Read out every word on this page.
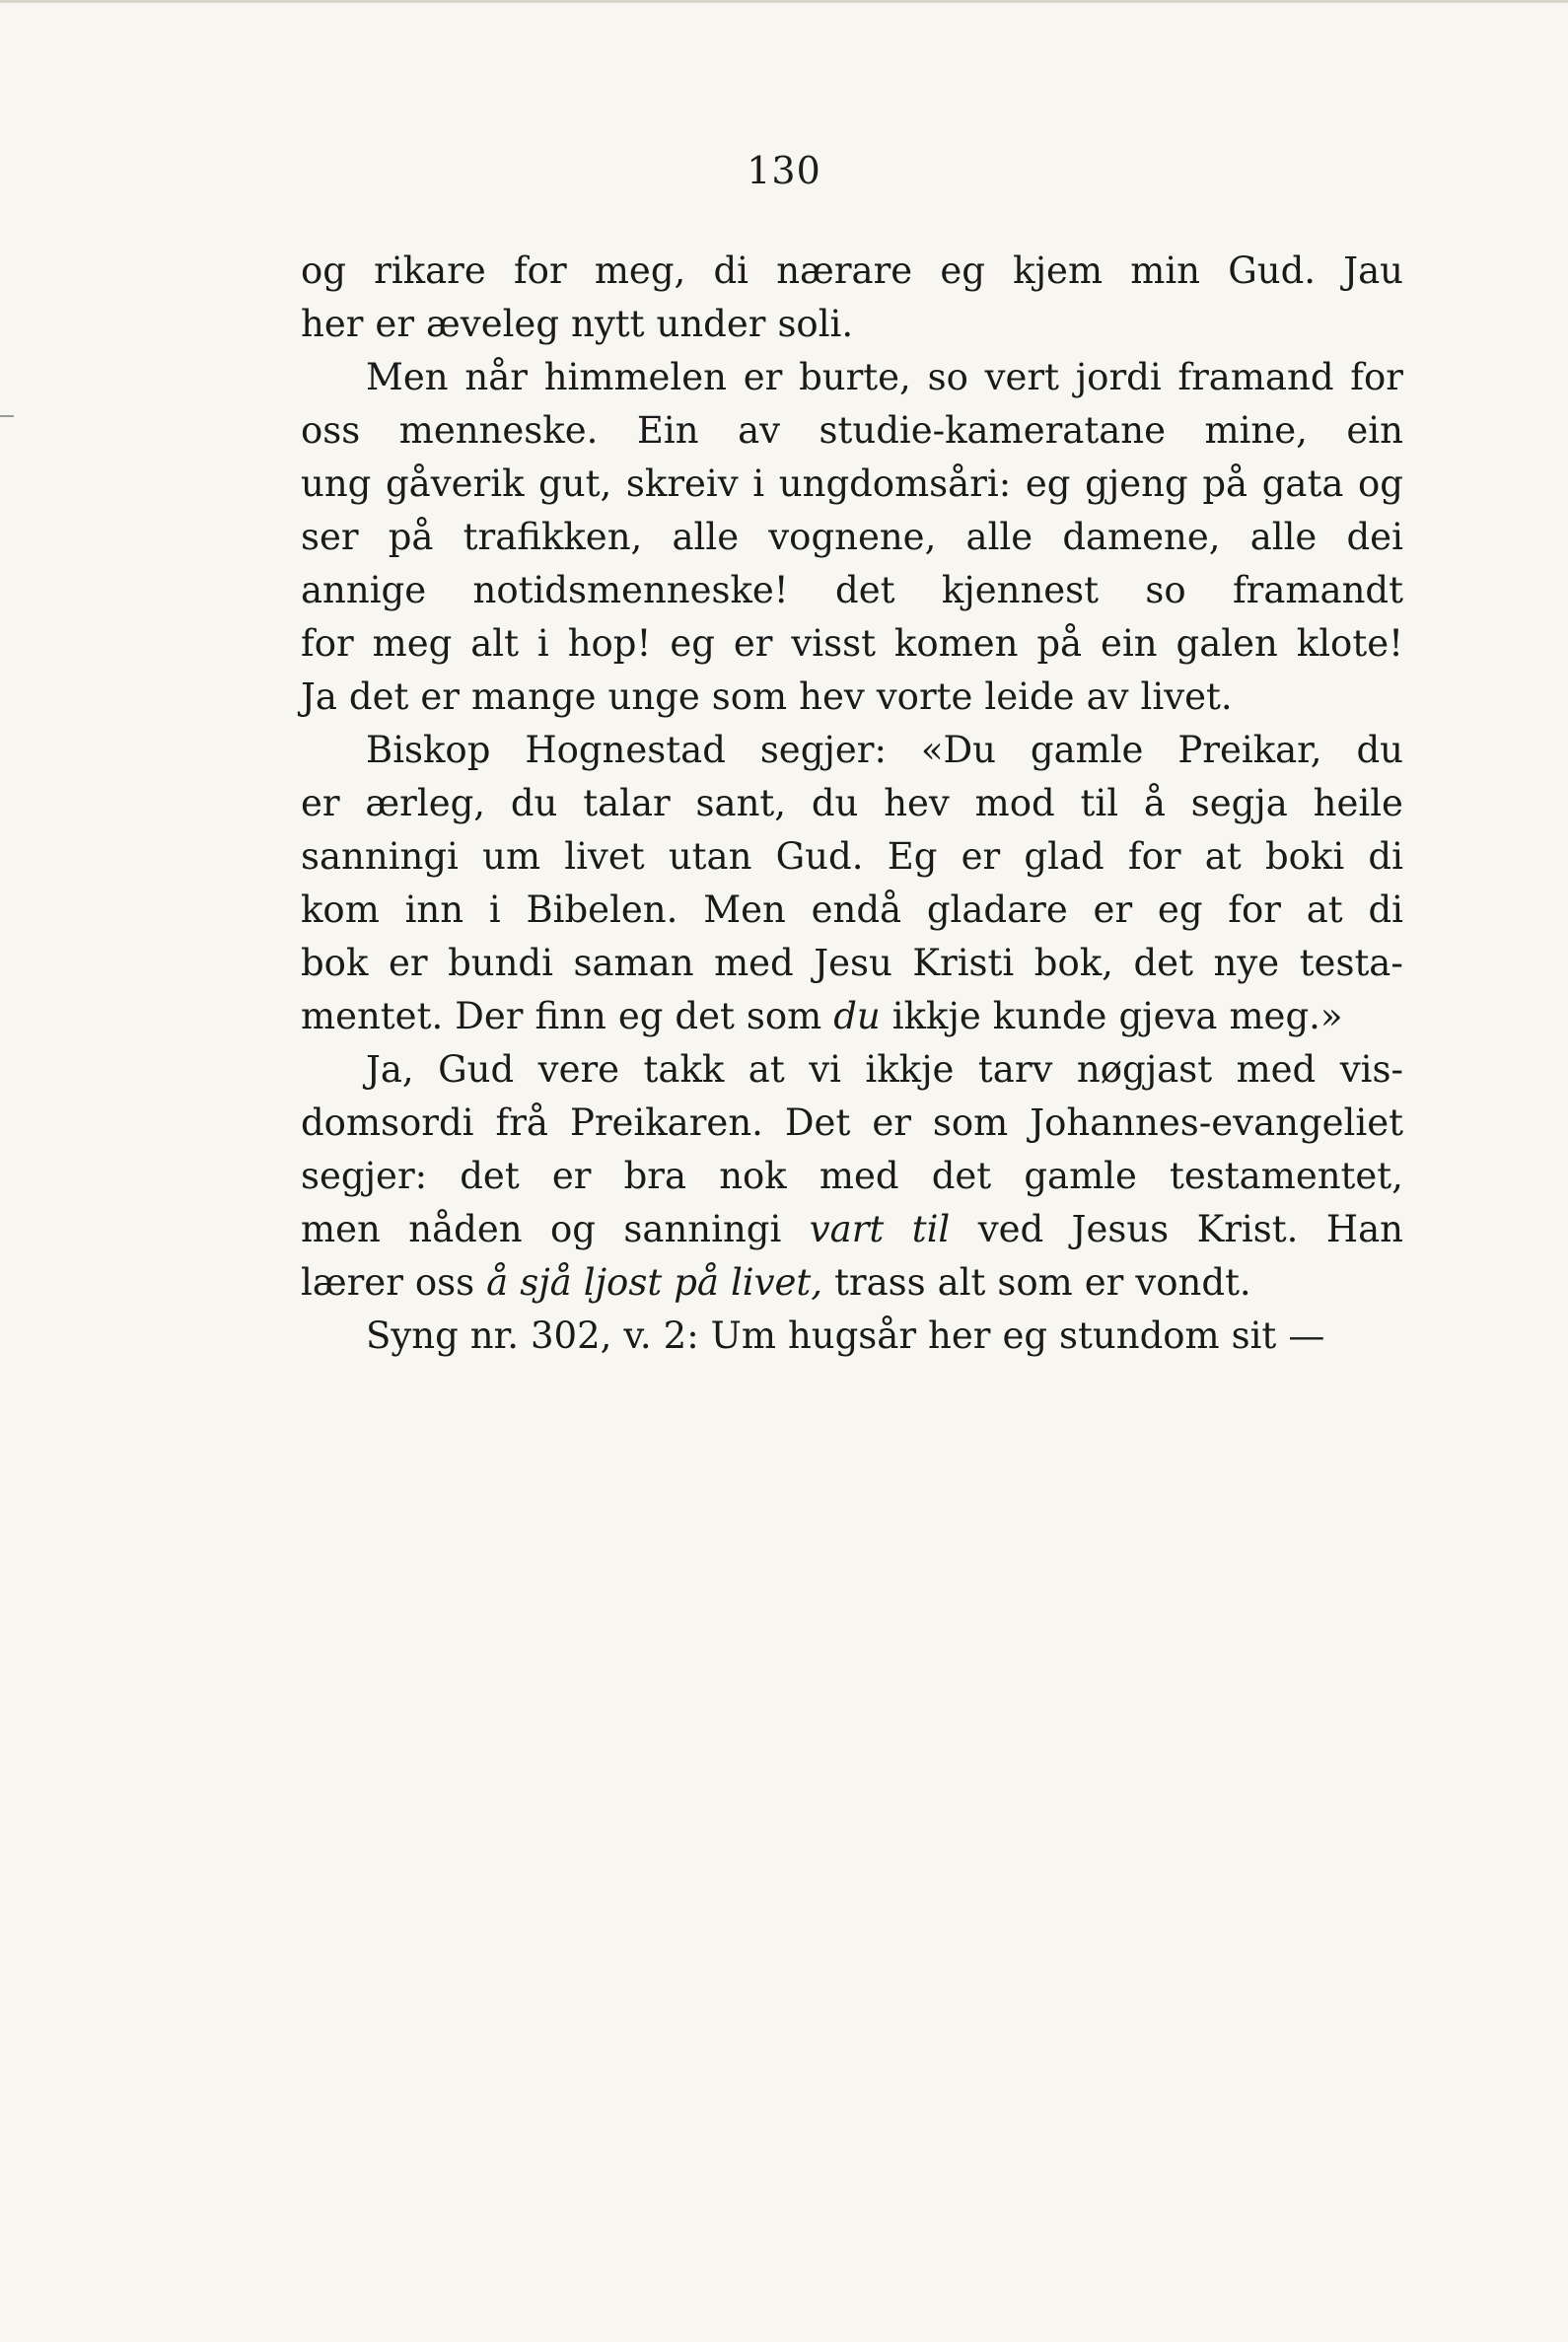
130
og rikare for meg, di nærare eg kjem min Gud. Jau
her er æveleg nytt under soli.
Men når himmelen er burte, so vert jordi framand for
oss menneske. Ein av studie-kameratane mine, ein
ung gåverik gut, skreiv i ungdomsåri: eg gjeng på gata og
ser på trafikken, alle vognene, alle damene, alle dei
annige notidsmenneske! det kjennest so framandt
for meg alt i hop! eg er visst komen på ein galen klote!
Ja det er mange unge som hev vorte leide av livet.
Biskop Hognestad segjer: «Du gamle Preikar, du
er ærleg, du talar sant, du hev mod til å segja heile
sanningi um livet utan Gud. Eg er glad for at boki di
kom inn i Bibelen. Men endå gladare er eg for at di
bok er bundi saman med Jesu Kristi bok, det nye testa-
mentet. Der finn eg det som du ikkje kunde gjeva meg.»
Ja, Gud vere takk at vi ikkje tarv nøgjast med vis-
domsordi frå Preikaren. Det er som Johannes-evangeliet
segjer: det er bra nok med det gamle testamentet,
men nåden og sanningi vart til ved Jesus Krist. Han
lærer oss å sjå ljost på livet, trass alt som er vondt.
Syng nr. 302, v. 2: Um hugsår her eg stundom sit —
